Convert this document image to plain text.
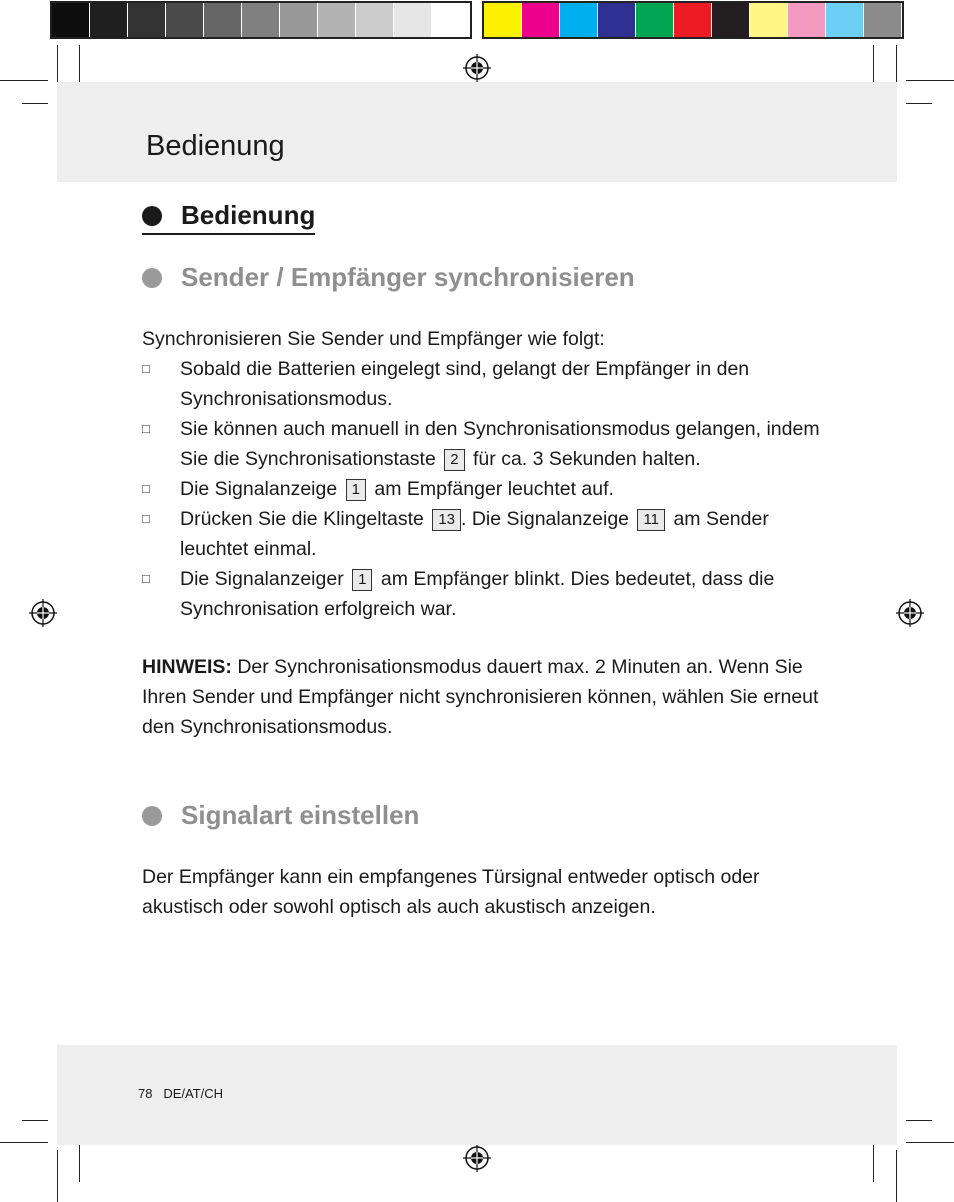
Bedienung
Bedienung
Sender / Empfänger synchronisieren
Synchronisieren Sie Sender und Empfänger wie folgt:
□	Sobald die Batterien eingelegt sind, gelangt der Empfänger in den Synchronisationsmodus.
□	Sie können auch manuell in den Synchronisationsmodus gelangen, indem Sie die Synchronisationstaste 2 für ca. 3 Sekunden halten.
□	Die Signalanzeige 1 am Empfänger leuchtet auf.
□	Drücken Sie die Klingeltaste 13 . Die Signalanzeige 11 am Sender leuchtet einmal.
□	Die Signalanzeiger 1 am Empfänger blinkt. Dies bedeutet, dass die Synchronisation erfolgreich war.
HINWEIS: Der Synchronisationsmodus dauert max. 2 Minuten an. Wenn Sie Ihren Sender und Empfänger nicht synchronisieren können, wählen Sie erneut den Synchronisationsmodus.
Signalart einstellen
Der Empfänger kann ein empfangenes Türsignal entweder optisch oder akustisch oder sowohl optisch als auch akustisch anzeigen.
78 DE/AT/CH
